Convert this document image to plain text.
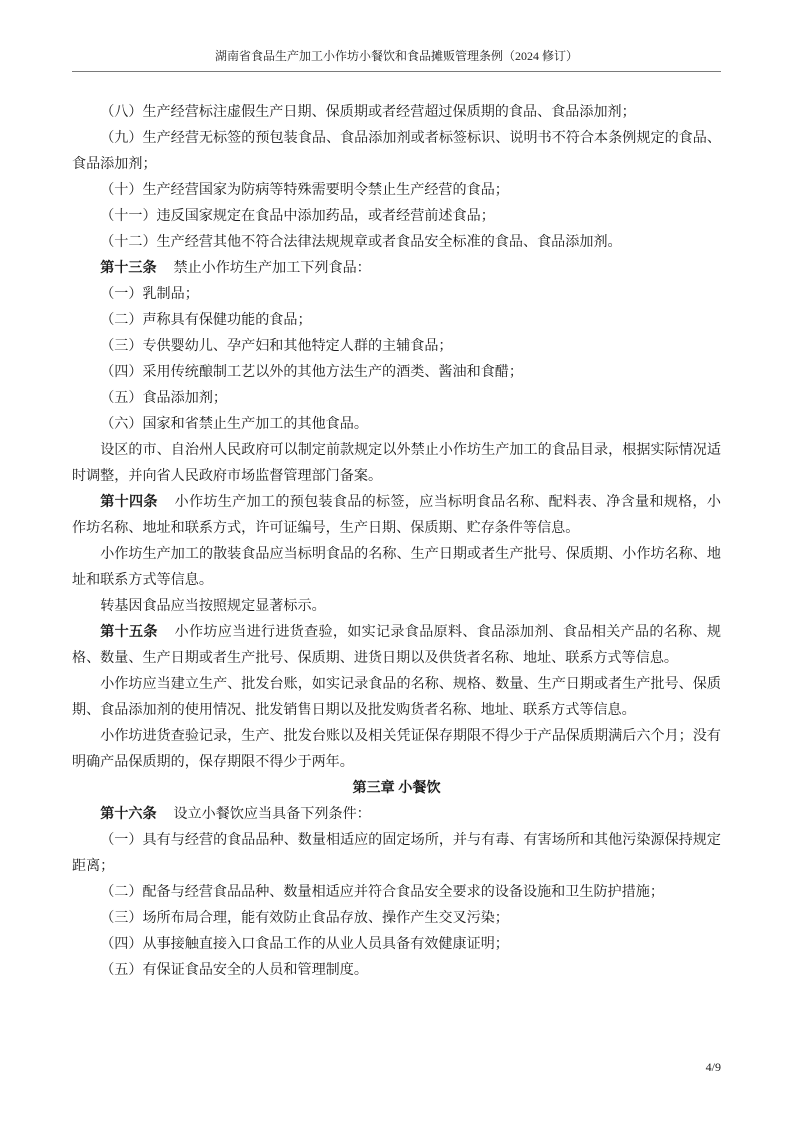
湖南省食品生产加工小作坊小餐饮和食品摊贩管理条例（2024 修订）

（八）生产经营标注虚假生产日期、保质期或者经营超过保质期的食品、食品添加剂；

（九）生产经营无标签的预包装食品、食品添加剂或者标签标识、说明书不符合本条例规定的食品、食品添加剂；

（十）生产经营国家为防病等特殊需要明令禁止生产经营的食品；

（十一）违反国家规定在食品中添加药品，或者经营前述食品；

（十二）生产经营其他不符合法律法规规章或者食品安全标准的食品、食品添加剂。

第十三条 禁止小作坊生产加工下列食品：

（一）乳制品；

（二）声称具有保健功能的食品；

（三）专供婴幼儿、孕产妇和其他特定人群的主辅食品；

（四）采用传统酿制工艺以外的其他方法生产的酒类、酱油和食醋；

（五）食品添加剂；

（六）国家和省禁止生产加工的其他食品。

设区的市、自治州人民政府可以制定前款规定以外禁止小作坊生产加工的食品目录，根据实际情况适时调整，并向省人民政府市场监督管理部门备案。

第十四条 小作坊生产加工的预包装食品的标签，应当标明食品名称、配料表、净含量和规格，小作坊名称、地址和联系方式，许可证编号，生产日期、保质期、贮存条件等信息。

小作坊生产加工的散装食品应当标明食品的名称、生产日期或者生产批号、保质期、小作坊名称、地址和联系方式等信息。

转基因食品应当按照规定显著标示。

第十五条 小作坊应当进行进货查验，如实记录食品原料、食品添加剂、食品相关产品的名称、规格、数量、生产日期或者生产批号、保质期、进货日期以及供货者名称、地址、联系方式等信息。

小作坊应当建立生产、批发台账，如实记录食品的名称、规格、数量、生产日期或者生产批号、保质期、食品添加剂的使用情况、批发销售日期以及批发购货者名称、地址、联系方式等信息。

小作坊进货查验记录，生产、批发台账以及相关凭证保存期限不得少于产品保质期满后六个月；没有明确产品保质期的，保存期限不得少于两年。

第三章 小餐饮

第十六条 设立小餐饮应当具备下列条件：

（一）具有与经营的食品品种、数量相适应的固定场所，并与有毒、有害场所和其他污染源保持规定距离；

（二）配备与经营食品品种、数量相适应并符合食品安全要求的设备设施和卫生防护措施；

（三）场所布局合理，能有效防止食品存放、操作产生交叉污染；

（四）从事接触直接入口食品工作的从业人员具备有效健康证明；

（五）有保证食品安全的人员和管理制度。

4/9
